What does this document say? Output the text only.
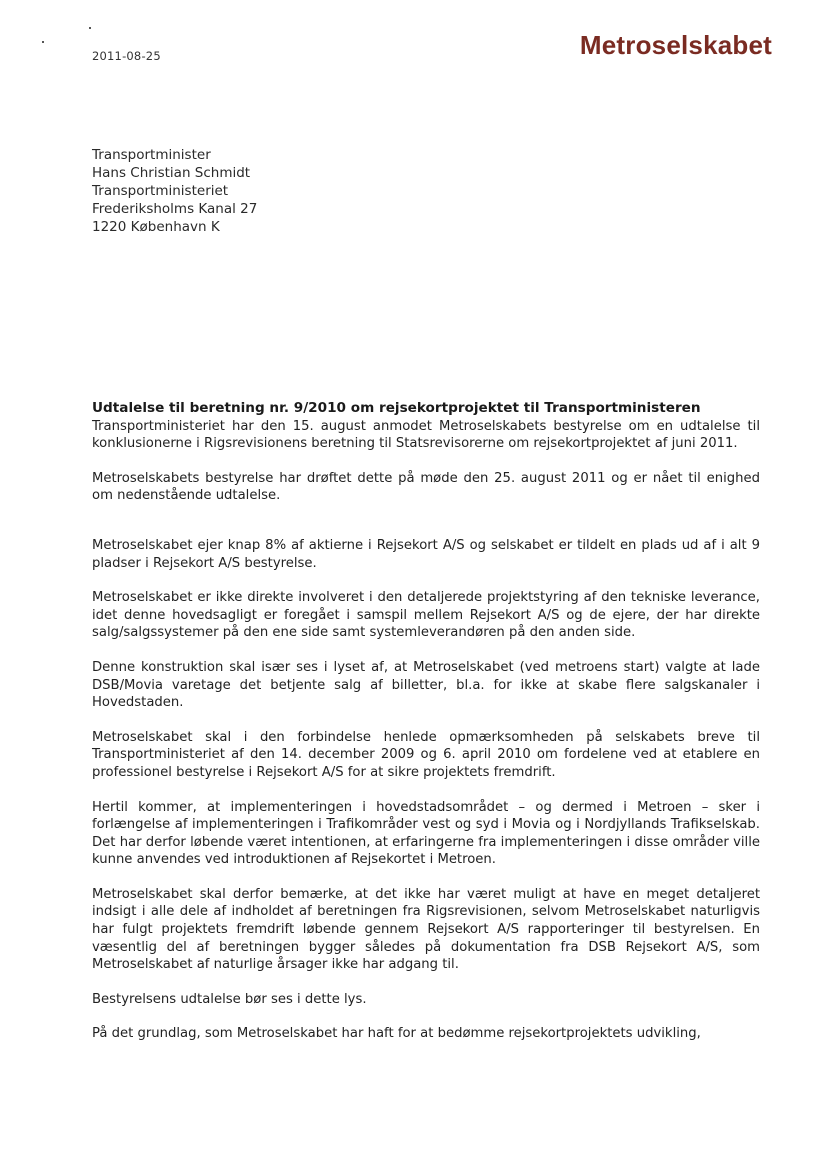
2011-08-25	Metroselskabet
Transportminister
Hans Christian Schmidt
Transportministeriet
Frederiksholms Kanal 27
1220 København K
Udtalelse til beretning nr. 9/2010 om rejsekortprojektet til Transportministeren

Transportministeriet har den 15. august anmodet Metroselskabets bestyrelse om en udtalelse til konklusionerne i Rigsrevisionens beretning til Statsrevisorerne om rejsekortprojektet af juni 2011.

Metroselskabets bestyrelse har drøftet dette på møde den 25. august 2011 og er nået til enighed om nedenstående udtalelse.

Metroselskabet ejer knap 8% af aktierne i Rejsekort A/S og selskabet er tildelt en plads ud af i alt 9 pladser i Rejsekort A/S bestyrelse.

Metroselskabet er ikke direkte involveret i den detaljerede projektstyring af den tekniske leverance, idet denne hovedsagligt er foregået i samspil mellem Rejsekort A/S og de ejere, der har direkte salg/salgssystemer på den ene side samt systemleverandøren på den anden side.

Denne konstruktion skal især ses i lyset af, at Metroselskabet (ved metroens start) valgte at lade DSB/Movia varetage det betjente salg af billetter, bl.a. for ikke at skabe flere salgskanaler i Hovedstaden.

Metroselskabet skal i den forbindelse henlede opmærksomheden på selskabets breve til Transportministeriet af den 14. december 2009 og 6. april 2010 om fordelene ved at etablere en professionel bestyrelse i Rejsekort A/S for at sikre projektets fremdrift.

Hertil kommer, at implementeringen i hovedstadsområdet – og dermed i Metroen – sker i forlængelse af implementeringen i Trafikområder vest og syd i Movia og i Nordjyllands Trafikselskab. Det har derfor løbende været intentionen, at erfaringerne fra implementeringen i disse områder ville kunne anvendes ved introduktionen af Rejsekortet i Metroen.

Metroselskabet skal derfor bemærke, at det ikke har været muligt at have en meget detaljeret indsigt i alle dele af indholdet af beretningen fra Rigsrevisionen, selvom Metroselskabet naturligvis har fulgt projektets fremdrift løbende gennem Rejsekort A/S rapporteringer til bestyrelsen. En væsentlig del af beretningen bygger således på dokumentation fra DSB Rejsekort A/S, som Metroselskabet af naturlige årsager ikke har adgang til.

Bestyrelsens udtalelse bør ses i dette lys.

På det grundlag, som Metroselskabet har haft for at bedømme rejsekortprojektets udvikling,
